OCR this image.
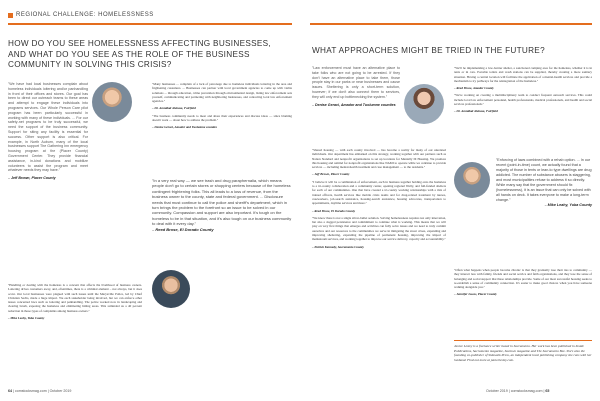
REGIONAL CHALLENGE: HOMELESSNESS
HOW DO YOU SEE HOMELESSNESS AFFECTING BUSINESSES, AND WHAT DO YOU SEE AS THE ROLE OF THE BUSINESS COMMUNITY IN SOLVING THIS CRISIS?

"We have had local businesses complain about homeless individuals loitering and/or panhandling in front of their offices and stores. Our goal has been to direct our outreach teams to these areas and attempt to engage these individuals into programs services. Our Whole Person Care pilot program has been particularly successful in working with many of these individuals. ... For our safety-net programs to be truly successful, we need the support of the business community. Support for siting any facility is essential for success. Other support is also critical. For example, in North Auburn, many of the local businesses support The Gathering Inn emergency housing program at the (Placer County) Government Center. They provide financial assistance, in-kind donations and mobilize volunteers to assist the program and meet whatever needs they may have."

– Jeff Brown, Placer County

"Handling or dealing with the homeless is a concern that affects the livelihood of business owners. Loitering drives customers away, and, oftentimes, there is a criminal element – not always, but it does occur. Our local businesses were plagued with such issues until the Marysville Police, led by Chief Christian Sachs, made a huge impact. We each stakeholder being involved, but we can enforce other issues concerned laws such as loitering and panhandling. The police worked now in landscaping and clearing brush, exposing the homeless and eliminating hiding areas. This reminded us a 40 percent reduction in those types of complaints among business owners."

– Mike Leahy, Yuba County

"Many businesses ... complain of a lack of patronage due to homeless individuals loitering in the area and frightening customers. ... Businesses can partner with local government agencies to come up with viable solutions ... through education, crime prevention through environmental design, listing law enforcement sets yourself, communicating and partnering with neighboring businesses, and contacting local law enforcement agencies."

– Dr. Amnidad Alekasa, Fairfield

"The business community needs to meet and share their experiences and discuss ideas — since blaming doesn't work — about how to address the problem."

– Denise Geraci, Amador and Tuolumne counties

"In a very real way — we see trash and drug paraphernalia, which means people don't go to certain stores or shopping centers because of the homeless contingent frightening folks. This all leads to a loss of revenue, from the business owner to the county, state and federal government. ... Disclosure needs that must continue to call the police and sheriff's department, which in turn brings the problem to the forefront so an issue to be solved in our community. Compassion and support are also important. It's tough on the homeless to be in that situation, and it's also tough on our business community to deal with it every day."
– Reed Brose, El Dorado County
64 | comstocksmag.com | October 2019
WHAT APPROACHES MIGHT BE TRIED IN THE FUTURE?

"Law enforcement must have an alternative place to take folks who are not going to be arrested. If they don't have an alternative place to take them, those people stay in our parks or near businesses and cause issues. Sheltering is only a short-term solution, however; if we don't also connect them to services, they will only end up bottlenecking the system."

– Denise Geraci, Amador and Tuolumne counties

"Shared housing — with each county involved — has become a reality for many of our unrelated individuals. Our department has embarked on this strategy, working together with our partners such as Nation Standard and nonprofit organizations to set up locations for Mentally Ill Housing. We promote this housing and remind for nonprofit organizations like NAMI to operate while we continue to provide services — including mental-health treatment and case management — to the residents."

– Jeff Brown, Placer County

"I believe it will be a combination of enforcement, each in business together holding onto the homeless to a tri-county collaboration and a community center, opening regional Welly, and full-funded shelters for each of our communities. One that have created a tri-county working relationships with a mix of trained officers, health services like mobile crisis teams and for drug-related treatment by nurses, caseworkers, job-search assistance, housing-search assistance, housing advocates, transportation to appointments, daytime services and more."

– Reed Brose, El Dorado County

"We know there is not a single silver-bullet solution. Solving homelessness requires not only innovation, but also a dogged persistence and commitment to continue what is working. This means that we will play on very first things that emerges and activities can fully solve issues and we need to truly commit ourselves and our resources to the communities we serve in mitigating the street crises, expanding and improving sheltering, expanding the pipeline of permanent housing, improving the impact of mainstream services, and working together to improve our service delivery, capacity and accountability."

– Patrick Kennedy, Sacramento County

"We'll be implementing a low-barrier shelter, a sanctioned camping area for the homeless, whether it is in tents or in cars. Portable toilets and wash stations can be supplied, thereby creating a more sanitary situation. Having a central location will facilitate the application of a mental-health services and provide a mechanism to try pathways for the reintegration of the homeless."

– Reed Brose, Amador County

"We're working on creating a multidisciplinary team to conduct frequent outreach services. This could include local law enforcement personnel, health professionals, medical professionals, and health and social services professionals."

– Dr. Amnidad Alekasa, Fairfield

"Enforcing of laws combined with a rehab option. ... In our recent (point-in-time) count, we actually found that a majority of those in tents or lean-to type dwellings are drug addicted. The number of substance abusers is staggering, and most municipalities refuse to address it so directly. While many say that the government should fix (homelessness), it is an issue that can only be solved with all hands on deck. It takes everyone to make a long-term change."
– Mike Leahy, Yuba County

"Often what happens when people become chronic is that they gradually lose their ties to community — they interact less with family, friends and social service and faith organizations, and they lose the sense of belonging and social support that these relationships provide. Some of our most successful housing seeks to re-establish a sense of community connection. It's easier to make good choices when you have someone walking alongside you."

– Jennifer Lucas, Placer County

Janice Lesley is a freelance writer based in Sacramento. Her work has been published in Inside Publications, Sacramento magazine, Sactown magazine and The Sacramento Bee. She's also the founding co-publisher of Sidewalk Press, an independent local publishing company she runs with her husband. Find out more at janicelesley.com.
October 2019 | comstocksmag.com | 65
